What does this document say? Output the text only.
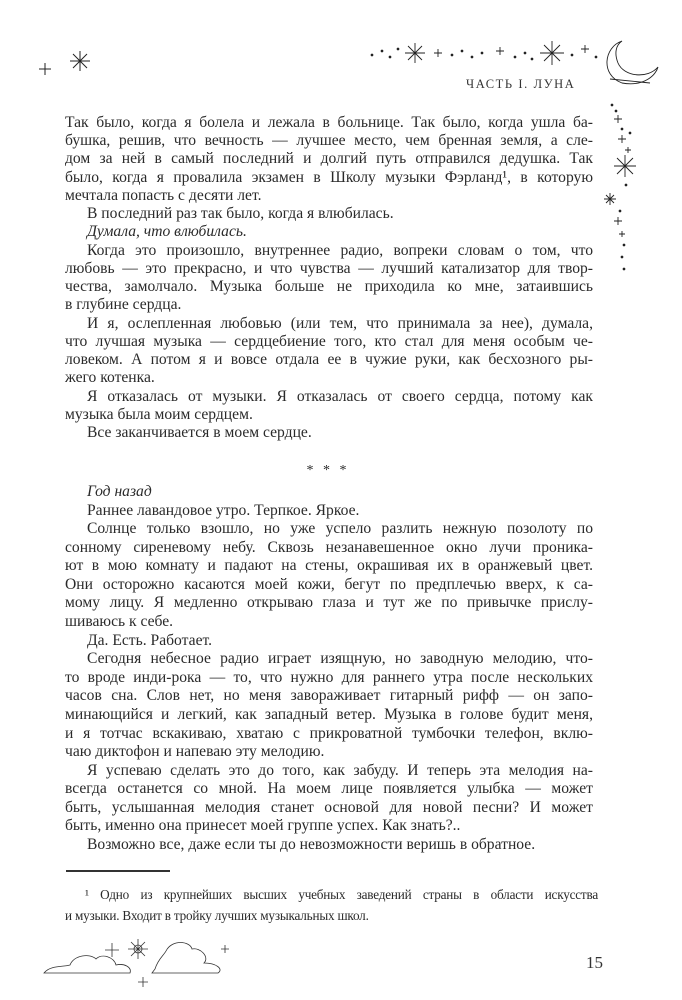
ЧАСТЬ I. ЛУНА
Так было, когда я болела и лежала в больнице. Так было, когда ушла ба-
бушка, решив, что вечность — лучшее место, чем бренная земля, а сле-
дом за ней в самый последний и долгий путь отправился дедушка. Так
было, когда я провалила экзамен в Школу музыки Фэрланд¹, в которую
мечтала попасть с десяти лет.
В последний раз так было, когда я влюбилась.
Думала, что влюбилась.
Когда это произошло, внутреннее радио, вопреки словам о том, что
любовь — это прекрасно, и что чувства — лучший катализатор для твор-
чества, замолчало. Музыка больше не приходила ко мне, затаившись
в глубине сердца.
И я, ослепленная любовью (или тем, что принимала за нее), думала,
что лучшая музыка — сердцебиение того, кто стал для меня особым че-
ловеком. А потом я и вовсе отдала ее в чужие руки, как бесхозного ры-
жего котенка.
Я отказалась от музыки. Я отказалась от своего сердца, потому как
музыка была моим сердцем.
Все заканчивается в моем сердце.
* * *
Год назад
Раннее лавандовое утро. Терпкое. Яркое.
Солнце только взошло, но уже успело разлить нежную позолоту по
сонному сиреневому небу. Сквозь незанавешенное окно лучи проника-
ют в мою комнату и падают на стены, окрашивая их в оранжевый цвет.
Они осторожно касаются моей кожи, бегут по предплечью вверх, к са-
мому лицу. Я медленно открываю глаза и тут же по привычке прислу-
шиваюсь к себе.
Да. Есть. Работает.
Сегодня небесное радио играет изящную, но заводную мелодию, что-
то вроде инди-рока — то, что нужно для раннего утра после нескольких
часов сна. Слов нет, но меня завораживает гитарный рифф — он запо-
минающийся и легкий, как западный ветер. Музыка в голове будит меня,
и я тотчас вскакиваю, хватаю с прикроватной тумбочки телефон, вклю-
чаю диктофон и напеваю эту мелодию.
Я успеваю сделать это до того, как забуду. И теперь эта мелодия на-
всегда останется со мной. На моем лице появляется улыбка — может
быть, услышанная мелодия станет основой для новой песни? И может
быть, именно она принесет моей группе успех. Как знать?..
Возможно все, даже если ты до невозможности веришь в обратное.
¹ Одно из крупнейших высших учебных заведений страны в области искусства
и музыки. Входит в тройку лучших музыкальных школ.
15
